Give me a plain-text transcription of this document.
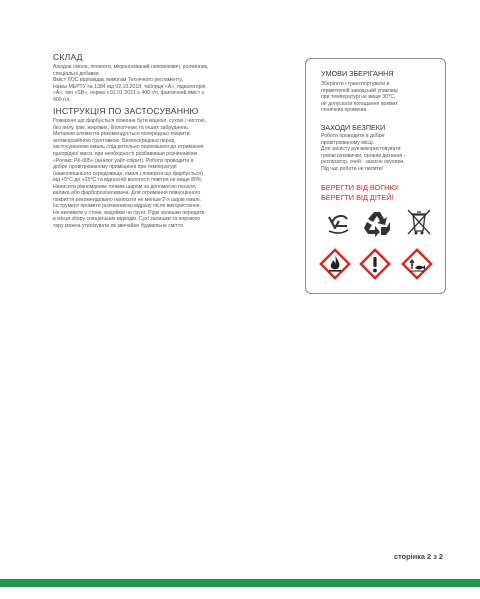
СКЛАД

Алкідна смола, пігменти, мікронізований наповнювач, розчинник,
спеціальні добавки.
Вміст ЛОС відповідає вимогам Технічного регламенту,
Наказ МЕРТУ № 1394 від 02.10.2018: таблиця «A», підкатегорія
«А», тип «SB», норма з 01.01.2021 ≤ 400 г/л, фактичний вміст ≤
400 г/л.

ІНСТРУКЦІЯ ПО ЗАСТОСУВАННЮ

Поверхня що фарбується повинна бути міцною, сухою і чистою,
без пилу, іржі, жирових, біологічних та інших забруднень.
Металеві елементи рекомендується попередньо покрити
антикорозійною ґрунтовкою. Безпосередньо перед
застосуванням емаль слід ретельно перемішати до отримання
однорідної маси, при необхідності розбавивши розчинником
«Ролакс РК-005» (аналог уайт-спірит). Роботи проводити в
добре провітрюваному приміщенні при температурі
(навколишнього середовища, емалі і поверхні що фарбується)
від +5°С до +25°С та відносній вологості повітря не вище 80%.
Наносити рівномірним тонким шаром за допомогою пензля,
валика або фарборозпилювача. Для отримання повноцінного
покриття рекомендовано наносити не менше 2-х шарів емалі.
Інструмент промити розчинником відразу після використання.
Не виливати у стоки, водойми чи ґрунт. Рідкі залишки передати
в місця збору спеціальних відходів. Сухі залишки та порожню
тару можна утилізувати як звичайне будівельне сміття.

УМОВИ ЗБЕРІГАННЯ

Зберігати і транспортувати в
герметичній заводській упаковці
при температурі не вище 30°С,
не допускати попадання прямих
сонячних променів.

ЗАХОДИ БЕЗПЕКИ

Роботи проводити в добре
провітрюваному місці.
Для захисту рук використовувати
гумові рукавички, органів дихання –
респіратор, очей - захисні окуляри.
Під час роботи не палити!

БЕРЕГТИ ВІД ВОГНЮ!
БЕРЕГТИ ВІД ДІТЕЙ!

сторінка 2 з 2
